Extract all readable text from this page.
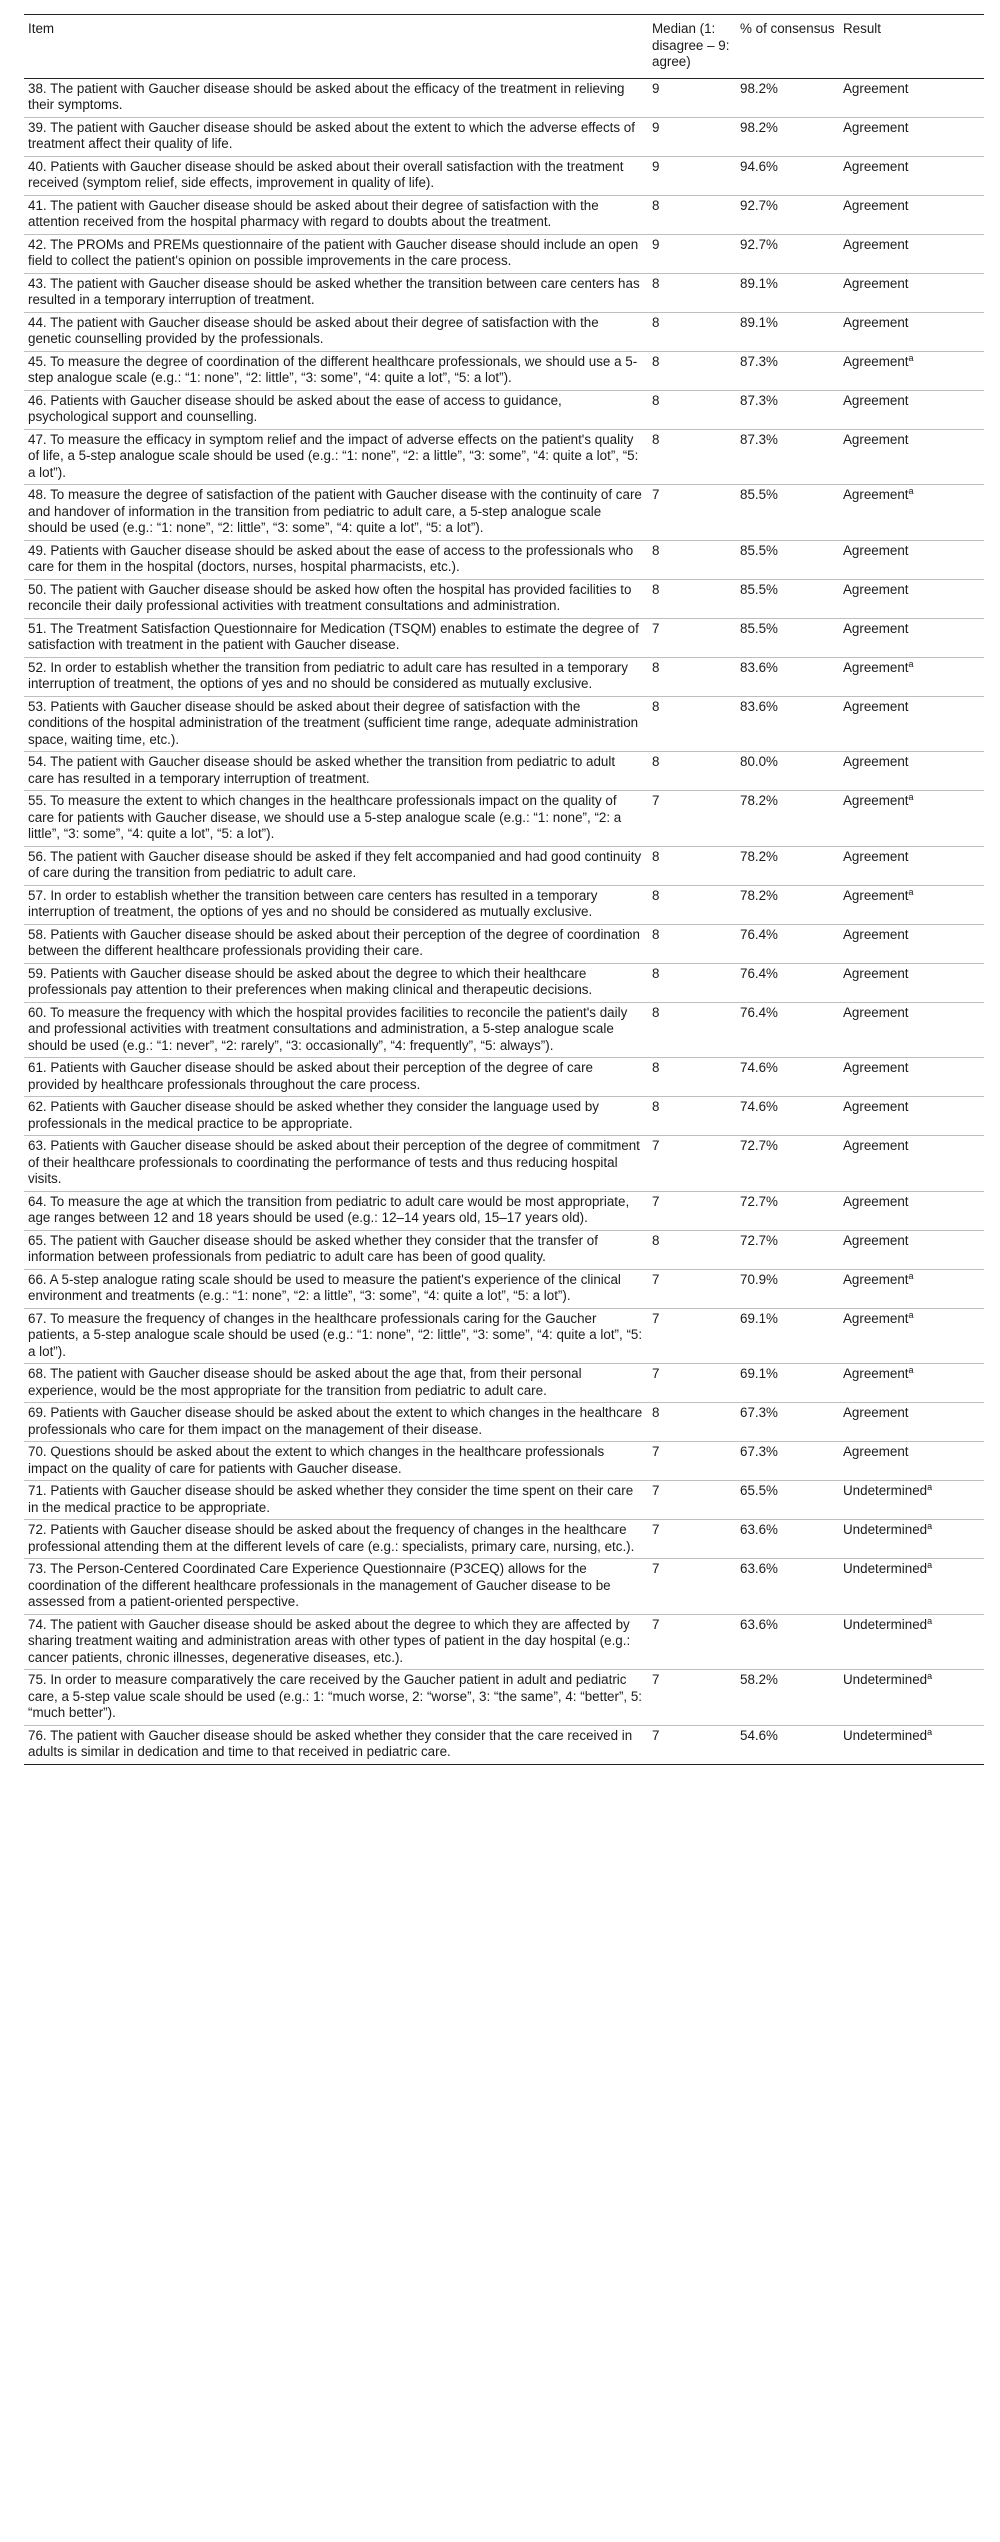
Item	Median (1: disagree – 9: agree)	% of consensus	Result
38. The patient with Gaucher disease should be asked about the efficacy of the treatment in relieving their symptoms.	9	98.2%	Agreement
39. The patient with Gaucher disease should be asked about the extent to which the adverse effects of treatment affect their quality of life.	9	98.2%	Agreement
40. Patients with Gaucher disease should be asked about their overall satisfaction with the treatment received (symptom relief, side effects, improvement in quality of life).	9	94.6%	Agreement
41. The patient with Gaucher disease should be asked about their degree of satisfaction with the attention received from the hospital pharmacy with regard to doubts about the treatment.	8	92.7%	Agreement
42. The PROMs and PREMs questionnaire of the patient with Gaucher disease should include an open field to collect the patient's opinion on possible improvements in the care process.	9	92.7%	Agreement
43. The patient with Gaucher disease should be asked whether the transition between care centers has resulted in a temporary interruption of treatment.	8	89.1%	Agreement
44. The patient with Gaucher disease should be asked about their degree of satisfaction with the genetic counselling provided by the professionals.	8	89.1%	Agreement
45. To measure the degree of coordination of the different healthcare professionals, we should use a 5-step analogue scale (e.g.: “1: none”, “2: little”, “3: some”, “4: quite a lot”, “5: a lot”).	8	87.3%	Agreement$^a$
46. Patients with Gaucher disease should be asked about the ease of access to guidance, psychological support and counselling.	8	87.3%	Agreement
47. To measure the efficacy in symptom relief and the impact of adverse effects on the patient's quality of life, a 5-step analogue scale should be used (e.g.: “1: none”, “2: a little”, “3: some”, “4: quite a lot”, “5: a lot”).	8	87.3%	Agreement
48. To measure the degree of satisfaction of the patient with Gaucher disease with the continuity of care and handover of information in the transition from pediatric to adult care, a 5-step analogue scale should be used (e.g.: “1: none”, “2: little”, “3: some”, “4: quite a lot”, “5: a lot”).	7	85.5%	Agreement$^a$
49. Patients with Gaucher disease should be asked about the ease of access to the professionals who care for them in the hospital (doctors, nurses, hospital pharmacists, etc.).	8	85.5%	Agreement
50. The patient with Gaucher disease should be asked how often the hospital has provided facilities to reconcile their daily professional activities with treatment consultations and administration.	8	85.5%	Agreement
51. The Treatment Satisfaction Questionnaire for Medication (TSQM) enables to estimate the degree of satisfaction with treatment in the patient with Gaucher disease.	7	85.5%	Agreement
52. In order to establish whether the transition from pediatric to adult care has resulted in a temporary interruption of treatment, the options of yes and no should be considered as mutually exclusive.	8	83.6%	Agreement$^a$
53. Patients with Gaucher disease should be asked about their degree of satisfaction with the conditions of the hospital administration of the treatment (sufficient time range, adequate administration space, waiting time, etc.).	8	83.6%	Agreement
54. The patient with Gaucher disease should be asked whether the transition from pediatric to adult care has resulted in a temporary interruption of treatment.	8	80.0%	Agreement
55. To measure the extent to which changes in the healthcare professionals impact on the quality of care for patients with Gaucher disease, we should use a 5-step analogue scale (e.g.: “1: none”, “2: a little”, “3: some”, “4: quite a lot”, “5: a lot”).	7	78.2%	Agreement$^a$
56. The patient with Gaucher disease should be asked if they felt accompanied and had good continuity of care during the transition from pediatric to adult care.	8	78.2%	Agreement
57. In order to establish whether the transition between care centers has resulted in a temporary interruption of treatment, the options of yes and no should be considered as mutually exclusive.	8	78.2%	Agreement$^a$
58. Patients with Gaucher disease should be asked about their perception of the degree of coordination between the different healthcare professionals providing their care.	8	76.4%	Agreement
59. Patients with Gaucher disease should be asked about the degree to which their healthcare professionals pay attention to their preferences when making clinical and therapeutic decisions.	8	76.4%	Agreement
60. To measure the frequency with which the hospital provides facilities to reconcile the patient's daily and professional activities with treatment consultations and administration, a 5-step analogue scale should be used (e.g.: “1: never”, “2: rarely”, “3: occasionally”, “4: frequently”, “5: always”).	8	76.4%	Agreement
61. Patients with Gaucher disease should be asked about their perception of the degree of care provided by healthcare professionals throughout the care process.	8	74.6%	Agreement
62. Patients with Gaucher disease should be asked whether they consider the language used by professionals in the medical practice to be appropriate.	8	74.6%	Agreement
63. Patients with Gaucher disease should be asked about their perception of the degree of commitment of their healthcare professionals to coordinating the performance of tests and thus reducing hospital visits.	7	72.7%	Agreement
64. To measure the age at which the transition from pediatric to adult care would be most appropriate, age ranges between 12 and 18 years should be used (e.g.: 12–14 years old, 15–17 years old).	7	72.7%	Agreement
65. The patient with Gaucher disease should be asked whether they consider that the transfer of information between professionals from pediatric to adult care has been of good quality.	8	72.7%	Agreement
66. A 5-step analogue rating scale should be used to measure the patient's experience of the clinical environment and treatments (e.g.: “1: none”, “2: a little”, “3: some”, “4: quite a lot”, “5: a lot”).	7	70.9%	Agreement$^a$
67. To measure the frequency of changes in the healthcare professionals caring for the Gaucher patients, a 5-step analogue scale should be used (e.g.: “1: none”, “2: little”, “3: some”, “4: quite a lot”, “5: a lot”).	7	69.1%	Agreement$^a$
68. The patient with Gaucher disease should be asked about the age that, from their personal experience, would be the most appropriate for the transition from pediatric to adult care.	7	69.1%	Agreement$^a$
69. Patients with Gaucher disease should be asked about the extent to which changes in the healthcare professionals who care for them impact on the management of their disease.	8	67.3%	Agreement
70. Questions should be asked about the extent to which changes in the healthcare professionals impact on the quality of care for patients with Gaucher disease.	7	67.3%	Agreement
71. Patients with Gaucher disease should be asked whether they consider the time spent on their care in the medical practice to be appropriate.	7	65.5%	Undetermined$^a$
72. Patients with Gaucher disease should be asked about the frequency of changes in the healthcare professional attending them at the different levels of care (e.g.: specialists, primary care, nursing, etc.).	7	63.6%	Undetermined$^a$
73. The Person-Centered Coordinated Care Experience Questionnaire (P3CEQ) allows for the coordination of the different healthcare professionals in the management of Gaucher disease to be assessed from a patient-oriented perspective.	7	63.6%	Undetermined$^a$
74. The patient with Gaucher disease should be asked about the degree to which they are affected by sharing treatment waiting and administration areas with other types of patient in the day hospital (e.g.: cancer patients, chronic illnesses, degenerative diseases, etc.).	7	63.6%	Undetermined$^a$
75. In order to measure comparatively the care received by the Gaucher patient in adult and pediatric care, a 5-step value scale should be used (e.g.: 1: “much worse, 2: “worse”, 3: “the same”, 4: “better”, 5: “much better”).	7	58.2%	Undetermined$^a$
76. The patient with Gaucher disease should be asked whether they consider that the care received in adults is similar in dedication and time to that received in pediatric care.	7	54.6%	Undetermined$^a$
